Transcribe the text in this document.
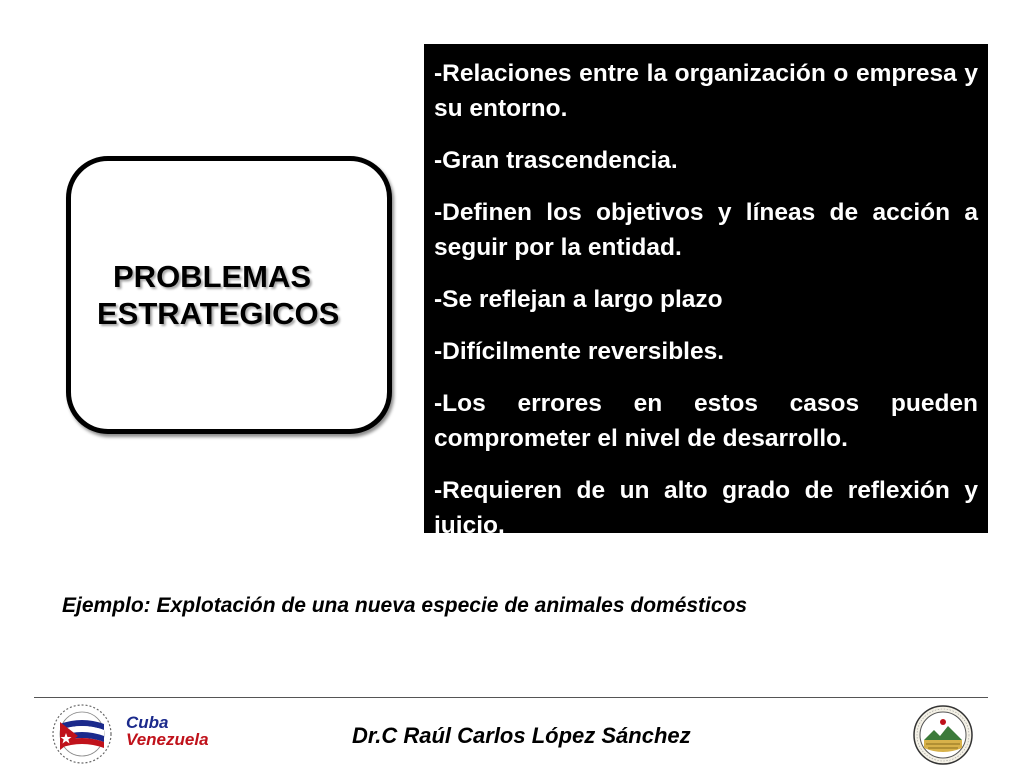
PROBLEMAS
ESTRATEGICOS

-Relaciones entre la organización o empresa y su entorno.

-Gran trascendencia.

-Definen los objetivos y líneas de acción a seguir por la entidad.

-Se reflejan a largo plazo

-Difícilmente reversibles.

-Los errores en estos casos pueden comprometer el nivel de desarrollo.

-Requieren de un alto grado de reflexión y juicio.

Ejemplo: Explotación de una nueva especie de animales domésticos
Cuba
Venezuela	Dr.C Raúl Carlos López Sánchez
